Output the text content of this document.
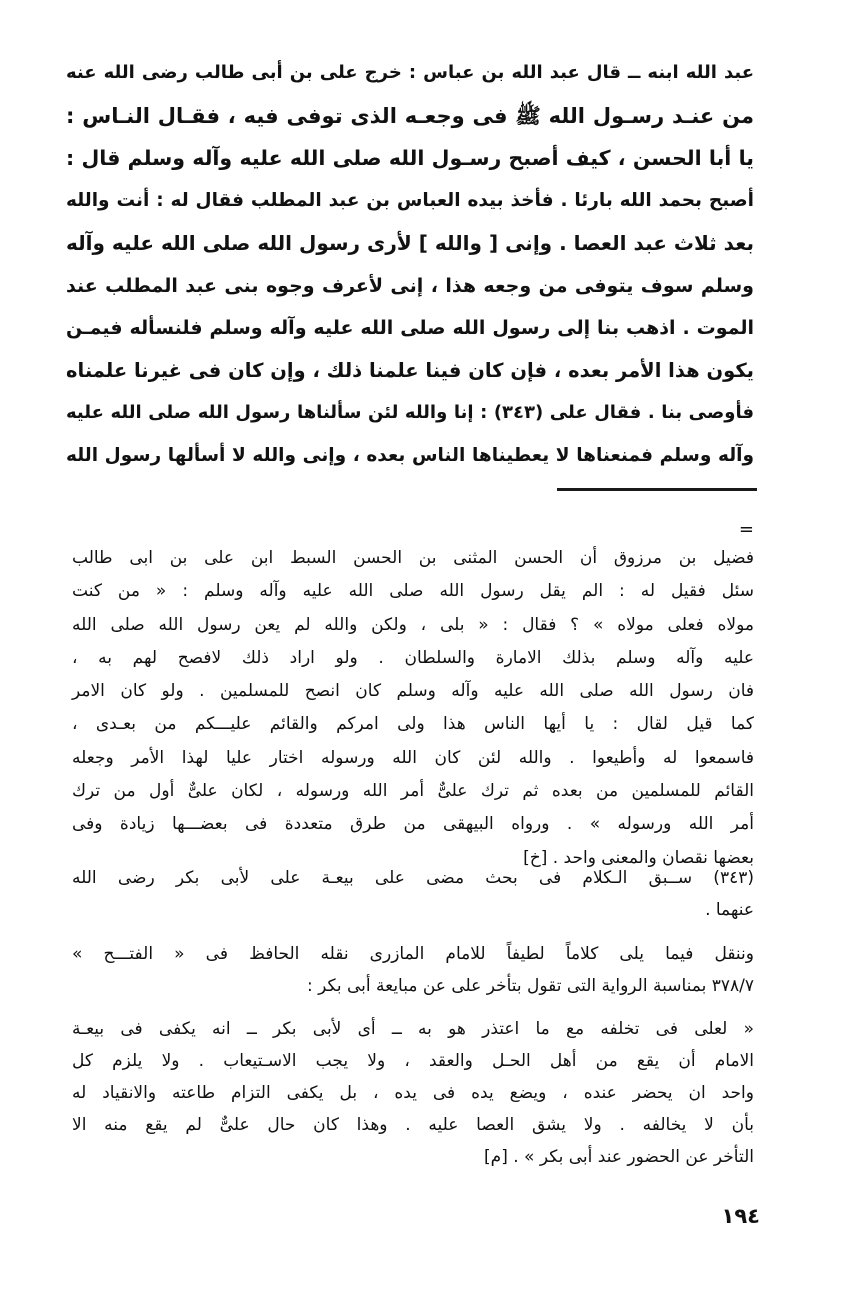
عبد الله ابنه ــ قال عبد الله بن عباس : خرج على بن أبى طالب رضى الله عنه
من عنـد رسـول الله ﷺ فى وجعـه الذى توفى فيه ، فقـال النـاس :
يا أبا الحسن ، كيف أصبح رسـول الله صلى الله عليه وآله وسلم قال :
أصبح بحمد الله بارئا . فأخذ بيده العباس بن عبد المطلب فقال له : أنت والله
بعد ثلاث عبد العصا . وإنى [ والله ] لأرى رسول الله صلى الله عليه وآله
وسلم سوف يتوفى من وجعه هذا ، إنى لأعرف وجوه بنى عبد المطلب عند
الموت . اذهب بنا إلى رسول الله صلى الله عليه وآله وسلم فلنسأله فيمـن
يكون هذا الأمر بعده ، فإن كان فينا علمنا ذلك ، وإن كان فى غيرنا علمناه
فأوصى بنا . فقال على (٣٤٣) : إنا والله لئن سألناها رسول الله صلى الله عليه
وآله وسلم فمنعناها لا يعطيناها الناس بعده ، وإنى والله لا أسألها رسول الله
=
فضيل بن مرزوق أن الحسن المثنى بن الحسن السبط ابن على بن ابى طالب
سئل فقيل له : الم يقل رسول الله صلى الله عليه وآله وسلم : « من كنت
مولاه فعلى مولاه » ؟ فقال : « بلى ، ولكن والله لم يعن رسول الله صلى الله
عليه وآله وسلم بذلك الامارة والسلطان . ولو اراد ذلك لافصح لهم به ،
فان رسول الله صلى الله عليه وآله وسلم كان انصح للمسلمين . ولو كان الامر
كما قيل لقال : يا أيها الناس هذا ولى امركم والقائم عليـــكم من بعـدى ،
فاسمعوا له وأطيعوا . والله لئن كان الله ورسوله اختار عليا لهذا الأمر وجعله
القائم للمسلمين من بعده ثم ترك علىٌّ أمر الله ورسوله ، لكان علىٌّ أول من ترك
أمر الله ورسوله » . ورواه البيهقى من طرق متعددة فى بعضـــها زيادة وفى
بعضها نقصان والمعنى واحد . [خ]
(٣٤٣) ســبق الـكلام فى بحث مضى على بيعـة على لأبى بكر رضى الله
عنهما .
وننقل فيما يلى كلاماً لطيفاً للامام المازرى نقله الحافظ فى « الفتـــح »
٣٧٨/٧ بمناسبة الرواية التى تقول بتأخر على عن مبايعة أبى بكر :
« لعلى فى تخلفه مع ما اعتذر هو به ــ أى لأبى بكر ــ انه يكفى فى بيعـة
الامام أن يقع من أهل الحـل والعقد ، ولا يجب الاسـتيعاب . ولا يلزم كل
واحد ان يحضر عنده ، ويضع يده فى يده ، بل يكفى التزام طاعته والانقياد له
بأن لا يخالفه . ولا يشق العصا عليه . وهذا كان حال علىٌّ لم يقع منه الا
التأخر عن الحضور عند أبى بكر » . [م]
١٩٤
